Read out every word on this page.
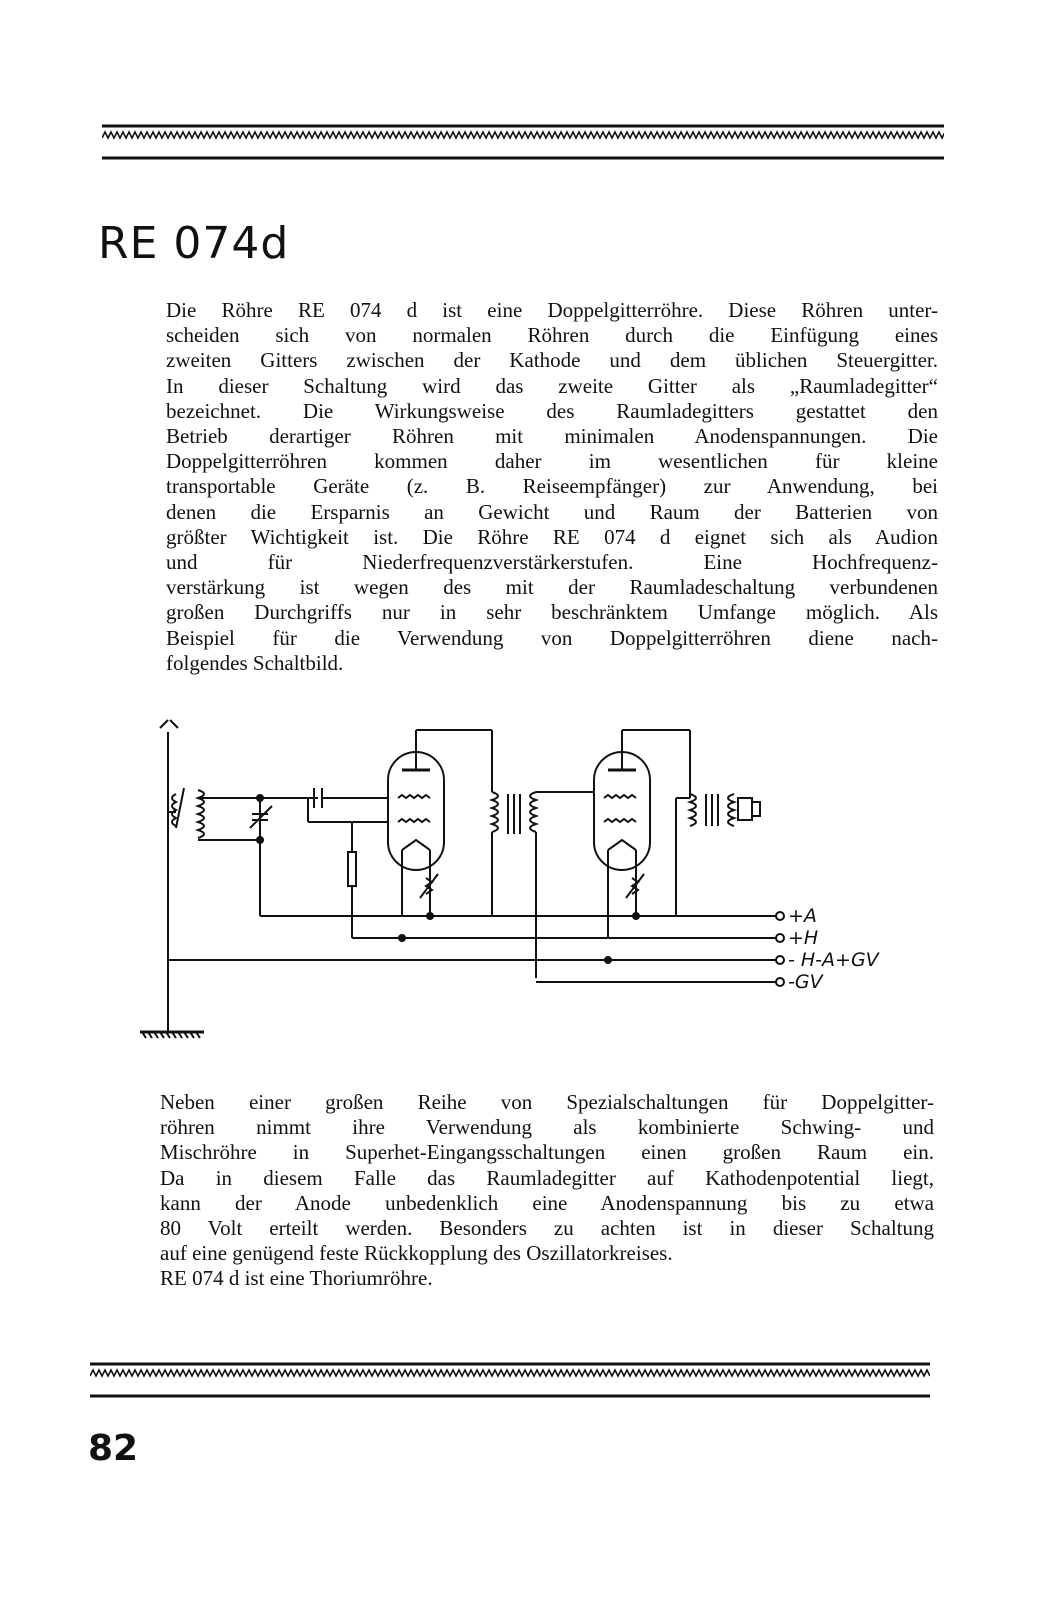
RE 074d

Die Röhre RE 074 d ist eine Doppelgitterröhre. Diese Röhren unter-
scheiden sich von normalen Röhren durch die Einfügung eines
zweiten Gitters zwischen der Kathode und dem üblichen Steuergitter.
In dieser Schaltung wird das zweite Gitter als „Raumladegitter“
bezeichnet. Die Wirkungsweise des Raumladegitters gestattet den
Betrieb derartiger Röhren mit minimalen Anodenspannungen. Die
Doppelgitterröhren kommen daher im wesentlichen für kleine
transportable Geräte (z. B. Reiseempfänger) zur Anwendung, bei
denen die Ersparnis an Gewicht und Raum der Batterien von
größter Wichtigkeit ist. Die Röhre RE 074 d eignet sich als Audion
und für Niederfrequenzverstärkerstufen. Eine Hochfrequenz-
verstärkung ist wegen des mit der Raumladeschaltung verbundenen
großen Durchgriffs nur in sehr beschränktem Umfange möglich. Als
Beispiel für die Verwendung von Doppelgitterröhren diene nach-
folgendes Schaltbild.

+A
+H
- H-A+GV
-GV

Neben einer großen Reihe von Spezialschaltungen für Doppelgitter-
röhren nimmt ihre Verwendung als kombinierte Schwing- und
Mischröhre in Superhet-Eingangsschaltungen einen großen Raum ein.
Da in diesem Falle das Raumladegitter auf Kathodenpotential liegt,
kann der Anode unbedenklich eine Anodenspannung bis zu etwa
80 Volt erteilt werden. Besonders zu achten ist in dieser Schaltung
auf eine genügend feste Rückkopplung des Oszillatorkreises.
RE 074 d ist eine Thoriumröhre.

82
